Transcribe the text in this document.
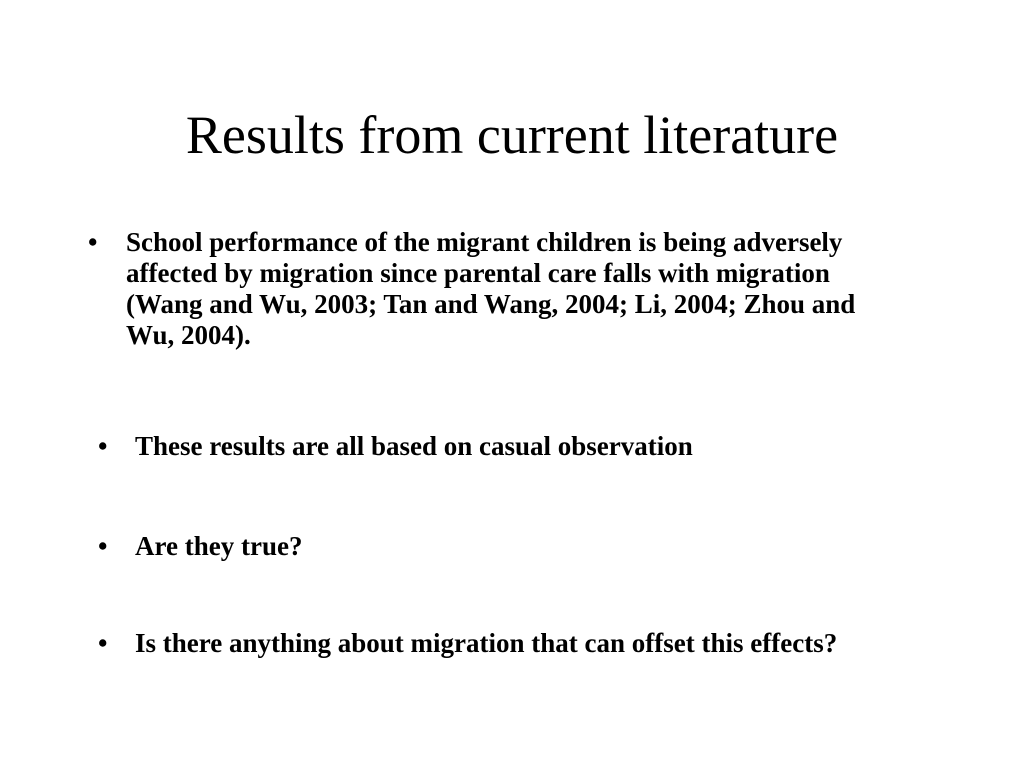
Results from current literature
•	School performance of the migrant children is being adversely affected by migration since parental care falls with migration (Wang and Wu, 2003; Tan and Wang, 2004; Li, 2004; Zhou and Wu, 2004).
•	These results are all based on casual observation
•	Are they true?
•	Is there anything about migration that can offset this effects?
